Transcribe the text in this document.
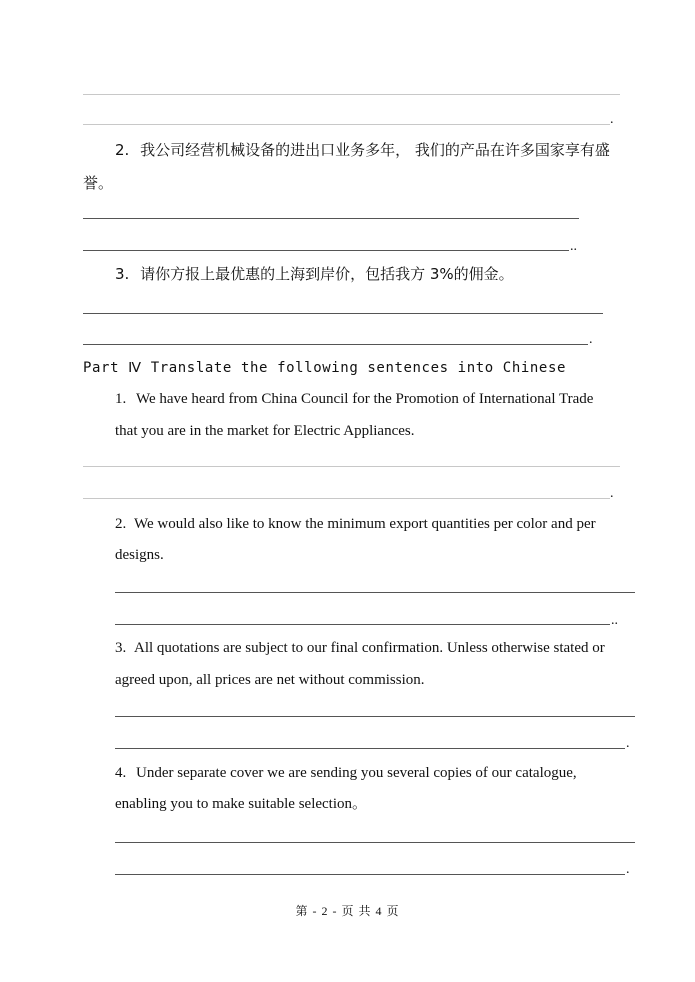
.
2. 我公司经营机械设备的进出口业务多年， 我们的产品在许多国家享有盛
誉。
..
3. 请你方报上最优惠的上海到岸价，包括我方 3%的佣金。
.
Part Ⅳ Translate the following sentences into Chinese
1. We have heard from China Council for the Promotion of International Trade
that you are in the market for Electric Appliances.
.
2. We would also like to know the minimum export quantities per color and per
designs.
..
3. All quotations are subject to our final confirmation. Unless otherwise stated or
agreed upon, all prices are net without commission.
.
4. Under separate cover we are sending you several copies of our catalogue,
enabling you to make suitable selection。
.
第 - 2 - 页 共 4 页
